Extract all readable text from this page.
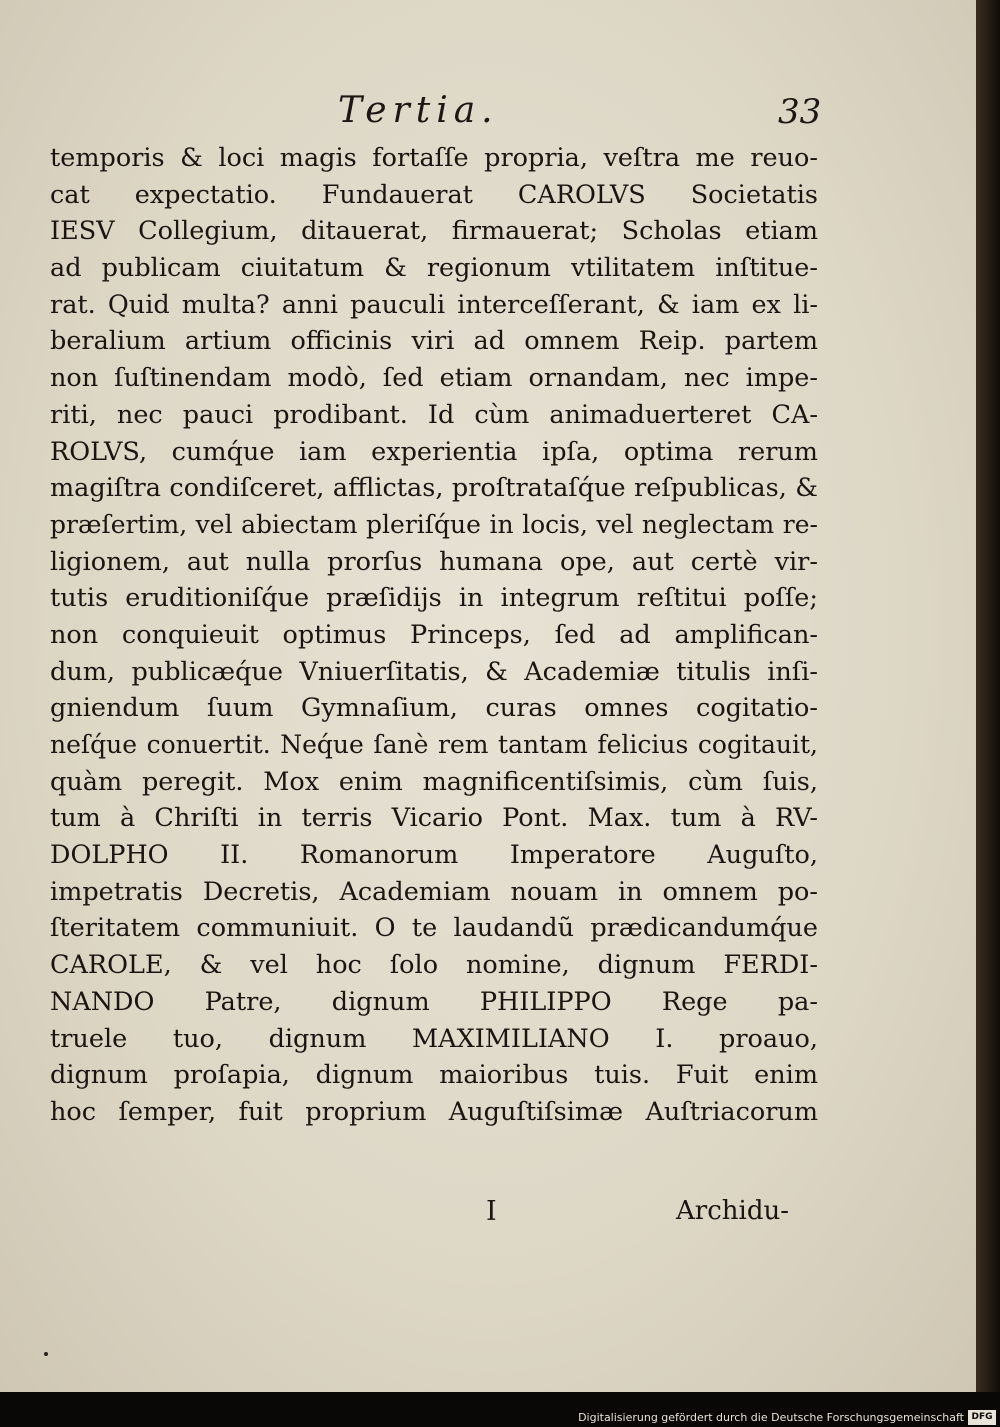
Tertia.	33
temporis & loci magis fortaſſe propria, veſtra me reuo-
cat expectatio. Fundauerat CAROLVS Societatis
IESV Collegium, ditauerat, firmauerat; Scholas etiam
ad publicam ciuitatum & regionum vtilitatem inſtitue-
rat. Quid multa? anni pauculi interceſſerant, & iam ex li-
beralium artium officinis viri ad omnem Reip. partem
non ſuſtinendam modò, ſed etiam ornandam, nec impe-
riti, nec pauci prodibant. Id cùm animaduerteret CA-
ROLVS, cumq́ue iam experientia ipſa, optima rerum
magiſtra condiſceret, afflictas, proſtrataſq́ue reſpublicas, &
præſertim, vel abiectam pleriſq́ue in locis, vel neglectam re-
ligionem, aut nulla prorſus humana ope, aut certè vir-
tutis eruditioniſq́ue præſidijs in integrum reſtitui poſſe;
non conquieuit optimus Princeps, ſed ad amplifican-
dum, publicæq́ue Vniuerſitatis, & Academiæ titulis inſi-
gniendum ſuum Gymnaſium, curas omnes cogitatio-
neſq́ue conuertit. Neq́ue ſanè rem tantam felicius cogitauit,
quàm peregit. Mox enim magnificentiſsimis, cùm ſuis,
tum à Chriſti in terris Vicario Pont. Max. tum à RV-
DOLPHO II. Romanorum Imperatore Auguſto,
impetratis Decretis, Academiam nouam in omnem po-
ſteritatem communiuit. O te laudandũ prædicandumq́ue
CAROLE, & vel hoc ſolo nomine, dignum FERDI-
NANDO Patre, dignum PHILIPPO Rege pa-
truele tuo, dignum MAXIMILIANO I. proauo,
dignum proſapia, dignum maioribus tuis. Fuit enim
hoc ſemper, fuit proprium Auguſtiſsimæ Auſtriacorum
I	Archidu-
Digitalisierung gefördert durch die Deutsche Forschungsgemeinschaft DFG
